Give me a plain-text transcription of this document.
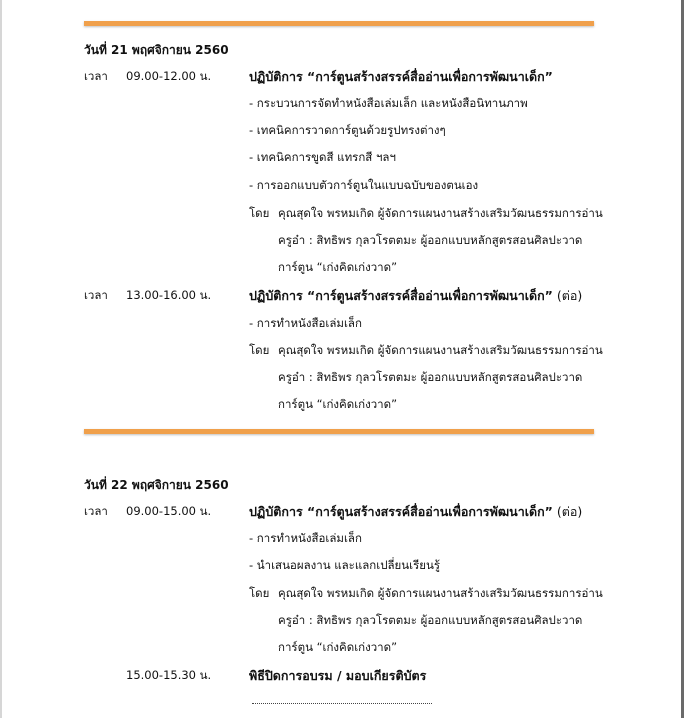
วันที่ 21 พฤศจิกายน 2560
เวลา 09.00-12.00 น.	ปฏิบัติการ “การ์ตูนสร้างสรรค์สื่ออ่านเพื่อการพัฒนาเด็ก”
- กระบวนการจัดทำหนังสือเล่มเล็ก และหนังสือนิทานภาพ
- เทคนิคการวาดการ์ตูนด้วยรูปทรงต่างๆ
- เทคนิคการขูดสี แทรกสี ฯลฯ
- การออกแบบตัวการ์ตูนในแบบฉบับของตนเอง
โดย คุณสุดใจ พรหมเกิด ผู้จัดการแผนงานสร้างเสริมวัฒนธรรมการอ่าน
ครูอ๋า : สิทธิพร กุลวโรตตมะ ผู้ออกแบบหลักสูตรสอนศิลปะวาด
การ์ตูน “เก่งคิดเก่งวาด”
เวลา 13.00-16.00 น.	ปฏิบัติการ “การ์ตูนสร้างสรรค์สื่ออ่านเพื่อการพัฒนาเด็ก” (ต่อ)
- การทำหนังสือเล่มเล็ก
โดย คุณสุดใจ พรหมเกิด ผู้จัดการแผนงานสร้างเสริมวัฒนธรรมการอ่าน
ครูอ๋า : สิทธิพร กุลวโรตตมะ ผู้ออกแบบหลักสูตรสอนศิลปะวาด
การ์ตูน “เก่งคิดเก่งวาด”
วันที่ 22 พฤศจิกายน 2560
เวลา 09.00-15.00 น.	ปฏิบัติการ “การ์ตูนสร้างสรรค์สื่ออ่านเพื่อการพัฒนาเด็ก” (ต่อ)
- การทำหนังสือเล่มเล็ก
- นำเสนอผลงาน และแลกเปลี่ยนเรียนรู้
โดย คุณสุดใจ พรหมเกิด ผู้จัดการแผนงานสร้างเสริมวัฒนธรรมการอ่าน
ครูอ๋า : สิทธิพร กุลวโรตตมะ ผู้ออกแบบหลักสูตรสอนศิลปะวาด
การ์ตูน “เก่งคิดเก่งวาด”
15.00-15.30 น.	พิธีปิดการอบรม / มอบเกียรติบัตร
